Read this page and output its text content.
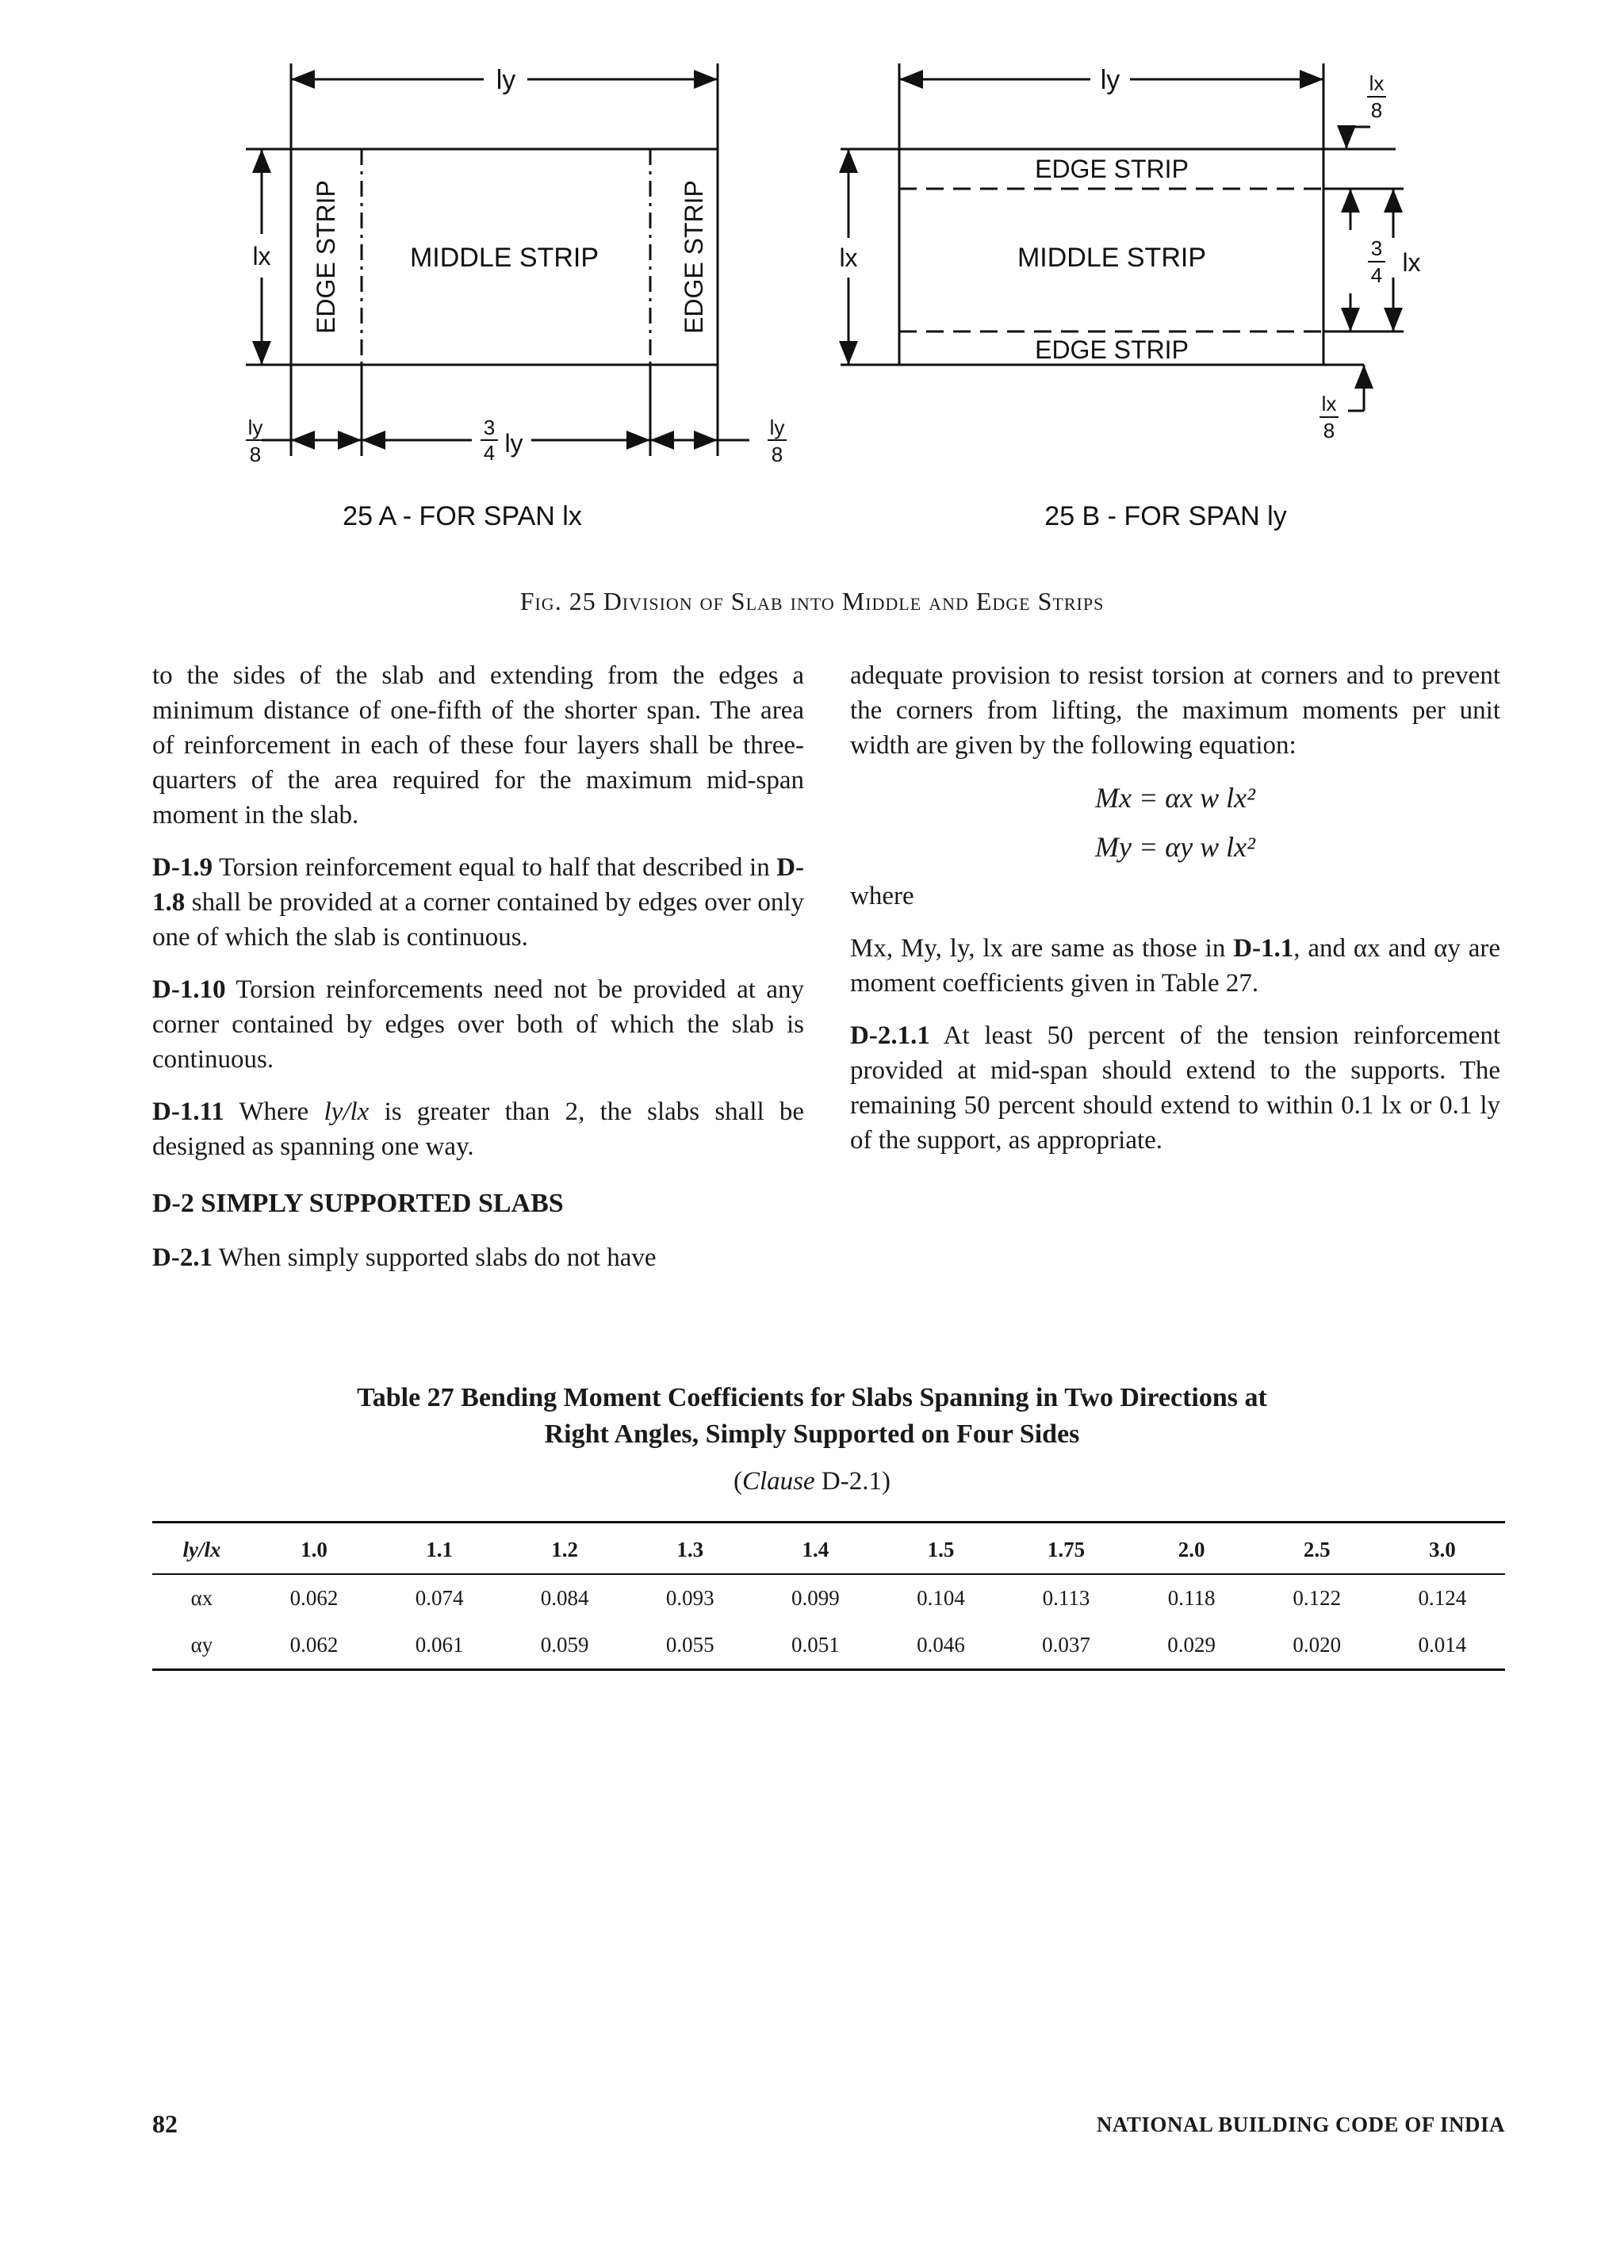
ly
lx	MIDDLE STRIP
EDGE STRIP	EDGE STRIP
3
4 ly
ly
8
ly
8
25 A - FOR SPAN lx
ly
lx
EDGE STRIP
MIDDLE STRIP
EDGE STRIP
lx
8
3
4 lx
lx
8
25 B - FOR SPAN ly
Fig. 25 Division of Slab into Middle and Edge Strips

to the sides of the slab and extending from the edges a minimum distance of one-fifth of the shorter span. The area of reinforcement in each of these four layers shall be three-quarters of the area required for the maximum mid-span moment in the slab.

D-1.9 Torsion reinforcement equal to half that described in D-1.8 shall be provided at a corner contained by edges over only one of which the slab is continuous.

D-1.10 Torsion reinforcements need not be provided at any corner contained by edges over both of which the slab is continuous.

D-1.11 Where ly/lx is greater than 2, the slabs shall be designed as spanning one way.

D-2 SIMPLY SUPPORTED SLABS

D-2.1 When simply supported slabs do not have

adequate provision to resist torsion at corners and to prevent the corners from lifting, the maximum moments per unit width are given by the following equation:

Mx = αx w lx²
My = αy w lx²

where

Mx, My, ly, lx are same as those in D-1.1, and αx and αy are moment coefficients given in Table 27.

D-2.1.1 At least 50 percent of the tension reinforcement provided at mid-span should extend to the supports. The remaining 50 percent should extend to within 0.1 lx or 0.1 ly of the support, as appropriate.

Table 27 Bending Moment Coefficients for Slabs Spanning in Two Directions at
Right Angles, Simply Supported on Four Sides
(Clause D-2.1)
ly/lx	1.0	1.1	1.2	1.3	1.4	1.5	1.75	2.0	2.5	3.0
αx	0.062	0.074	0.084	0.093	0.099	0.104	0.113	0.118	0.122	0.124
αy	0.062	0.061	0.059	0.055	0.051	0.046	0.037	0.029	0.020	0.014
82	NATIONAL BUILDING CODE OF INDIA
